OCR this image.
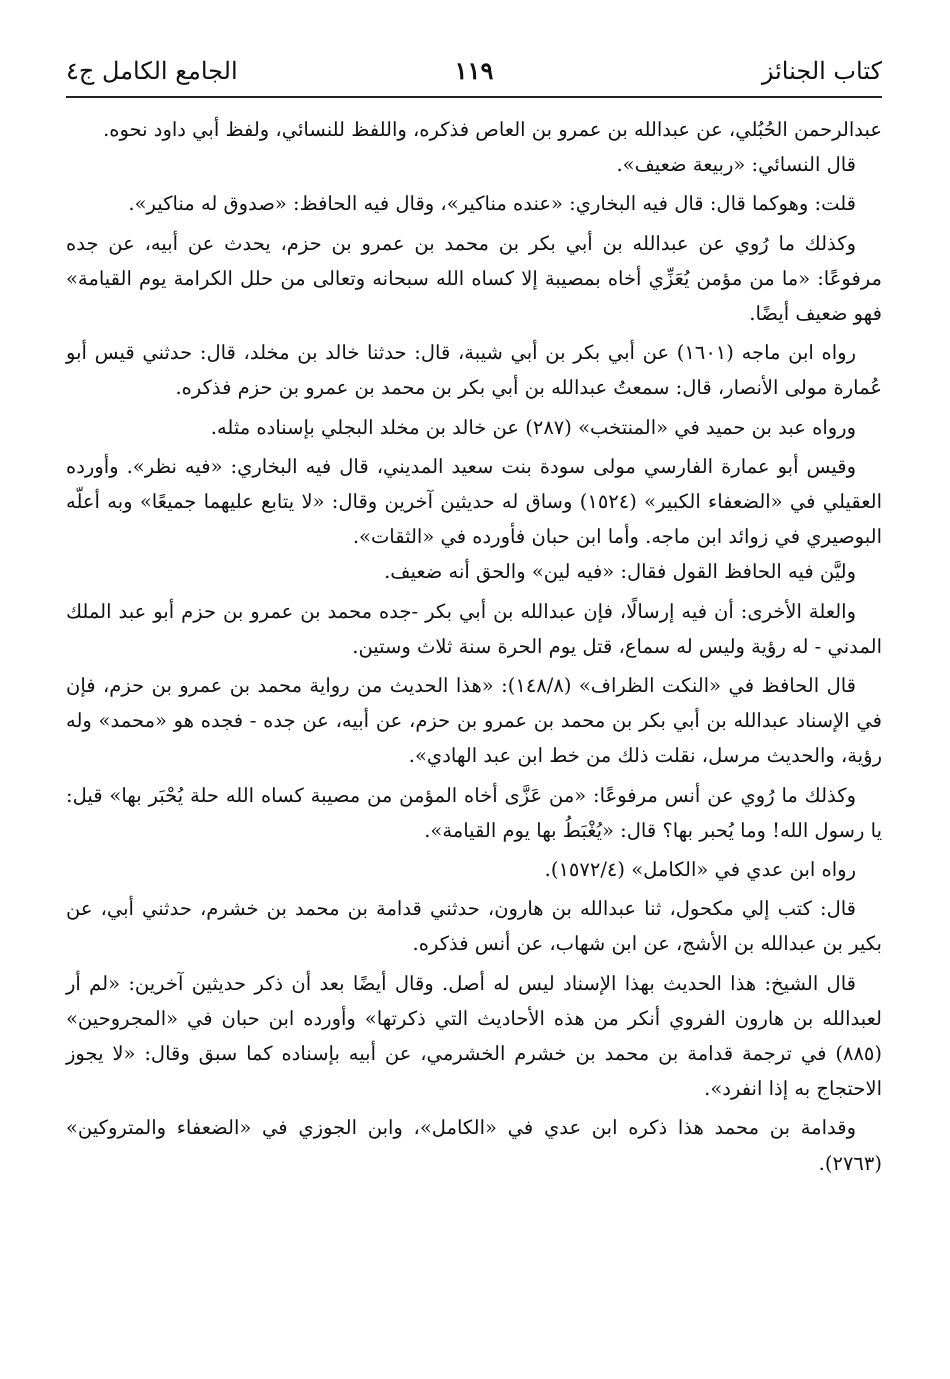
كتاب الجنائز
١١٩
الجامع الكامل ج٤

عبدالرحمن الحُبُلي، عن عبدالله بن عمرو بن العاص فذكره، واللفظ للنسائي، ولفظ أبي داود نحوه.

قال النسائي: «ربيعة ضعيف».

قلت: وهوكما قال: قال فيه البخاري: «عنده مناكير»، وقال فيه الحافظ: «صدوق له مناكير».

وكذلك ما رُوي عن عبدالله بن أبي بكر بن محمد بن عمرو بن حزم، يحدث عن أبيه، عن جده مرفوعًا: «ما من مؤمن يُعَزِّي أخاه بمصيبة إلا كساه الله سبحانه وتعالى من حلل الكرامة يوم القيامة» فهو ضعيف أيضًا.

رواه ابن ماجه (١٦٠١) عن أبي بكر بن أبي شيبة، قال: حدثنا خالد بن مخلد، قال: حدثني قيس أبو عُمارة مولى الأنصار، قال: سمعتُ عبدالله بن أبي بكر بن محمد بن عمرو بن حزم فذكره.

ورواه عبد بن حميد في «المنتخب» (٢٨٧) عن خالد بن مخلد البجلي بإسناده مثله.

وقيس أبو عمارة الفارسي مولى سودة بنت سعيد المديني، قال فيه البخاري: «فيه نظر». وأورده العقيلي في «الضعفاء الكبير» (١٥٢٤) وساق له حديثين آخرين وقال: «لا يتابع عليهما جميعًا» وبه أعلّه البوصيري في زوائد ابن ماجه. وأما ابن حبان فأورده في «الثقات».

وليَّن فيه الحافظ القول فقال: «فيه لين» والحق أنه ضعيف.

والعلة الأخرى: أن فيه إرسالًا، فإن عبدالله بن أبي بكر -جده محمد بن عمرو بن حزم أبو عبد الملك المدني - له رؤية وليس له سماع، قتل يوم الحرة سنة ثلاث وستين.

قال الحافظ في «النكت الظراف» (١٤٨/٨): «هذا الحديث من رواية محمد بن عمرو بن حزم، فإن في الإسناد عبدالله بن أبي بكر بن محمد بن عمرو بن حزم، عن أبيه، عن جده - فجده هو «محمد» وله رؤية، والحديث مرسل، نقلت ذلك من خط ابن عبد الهادي».

وكذلك ما رُوي عن أنس مرفوعًا: «من عَزَّى أخاه المؤمن من مصيبة كساه الله حلة يُحْبَر بها» قيل: يا رسول الله! وما يُحبر بها؟ قال: «يُغْبَطُ بها يوم القيامة».

رواه ابن عدي في «الكامل» (١٥٧٢/٤).

قال: كتب إلي مكحول، ثنا عبدالله بن هارون، حدثني قدامة بن محمد بن خشرم، حدثني أبي، عن بكير بن عبدالله بن الأشج، عن ابن شهاب، عن أنس فذكره.

قال الشيخ: هذا الحديث بهذا الإسناد ليس له أصل. وقال أيضًا بعد أن ذكر حديثين آخرين: «لم أر لعبدالله بن هارون الفروي أنكر من هذه الأحاديث التي ذكرتها» وأورده ابن حبان في «المجروحين» (٨٨٥) في ترجمة قدامة بن محمد بن خشرم الخشرمي، عن أبيه بإسناده كما سبق وقال: «لا يجوز الاحتجاج به إذا انفرد».

وقدامة بن محمد هذا ذكره ابن عدي في «الكامل»، وابن الجوزي في «الضعفاء والمتروكين» (٢٧٦٣).
